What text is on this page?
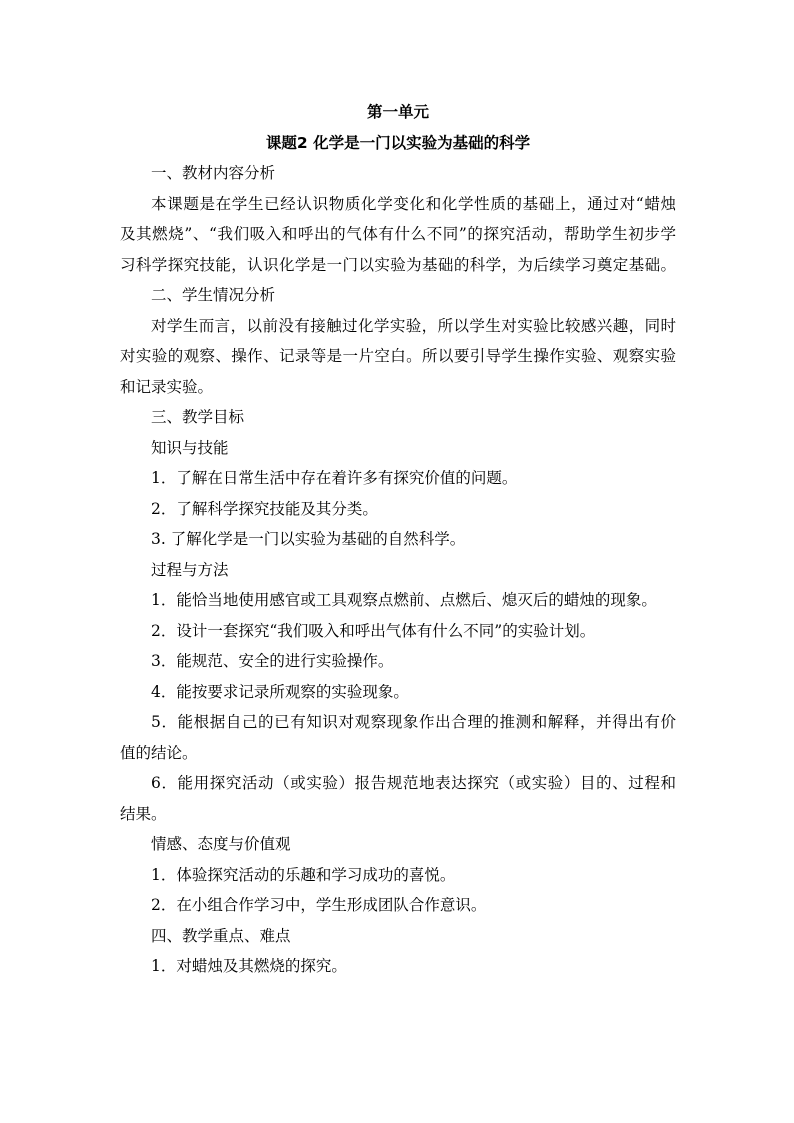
第一单元
课题2 化学是一门以实验为基础的科学
一、教材内容分析
本课题是在学生已经认识物质化学变化和化学性质的基础上，通过对“蜡烛
及其燃烧”、“我们吸入和呼出的气体有什么不同”的探究活动，帮助学生初步学
习科学探究技能，认识化学是一门以实验为基础的科学，为后续学习奠定基础。
二、学生情况分析
对学生而言，以前没有接触过化学实验，所以学生对实验比较感兴趣，同时
对实验的观察、操作、记录等是一片空白。所以要引导学生操作实验、观察实验
和记录实验。
三、教学目标
知识与技能
1．了解在日常生活中存在着许多有探究价值的问题。
2．了解科学探究技能及其分类。
3. 了解化学是一门以实验为基础的自然科学。
过程与方法
1．能恰当地使用感官或工具观察点燃前、点燃后、熄灭后的蜡烛的现象。
2．设计一套探究“我们吸入和呼出气体有什么不同”的实验计划。
3．能规范、安全的进行实验操作。
4．能按要求记录所观察的实验现象。
5．能根据自己的已有知识对观察现象作出合理的推测和解释，并得出有价
值的结论。
6．能用探究活动（或实验）报告规范地表达探究（或实验）目的、过程和
结果。
情感、态度与价值观
1．体验探究活动的乐趣和学习成功的喜悦。
2．在小组合作学习中，学生形成团队合作意识。
四、教学重点、难点
1．对蜡烛及其燃烧的探究。
